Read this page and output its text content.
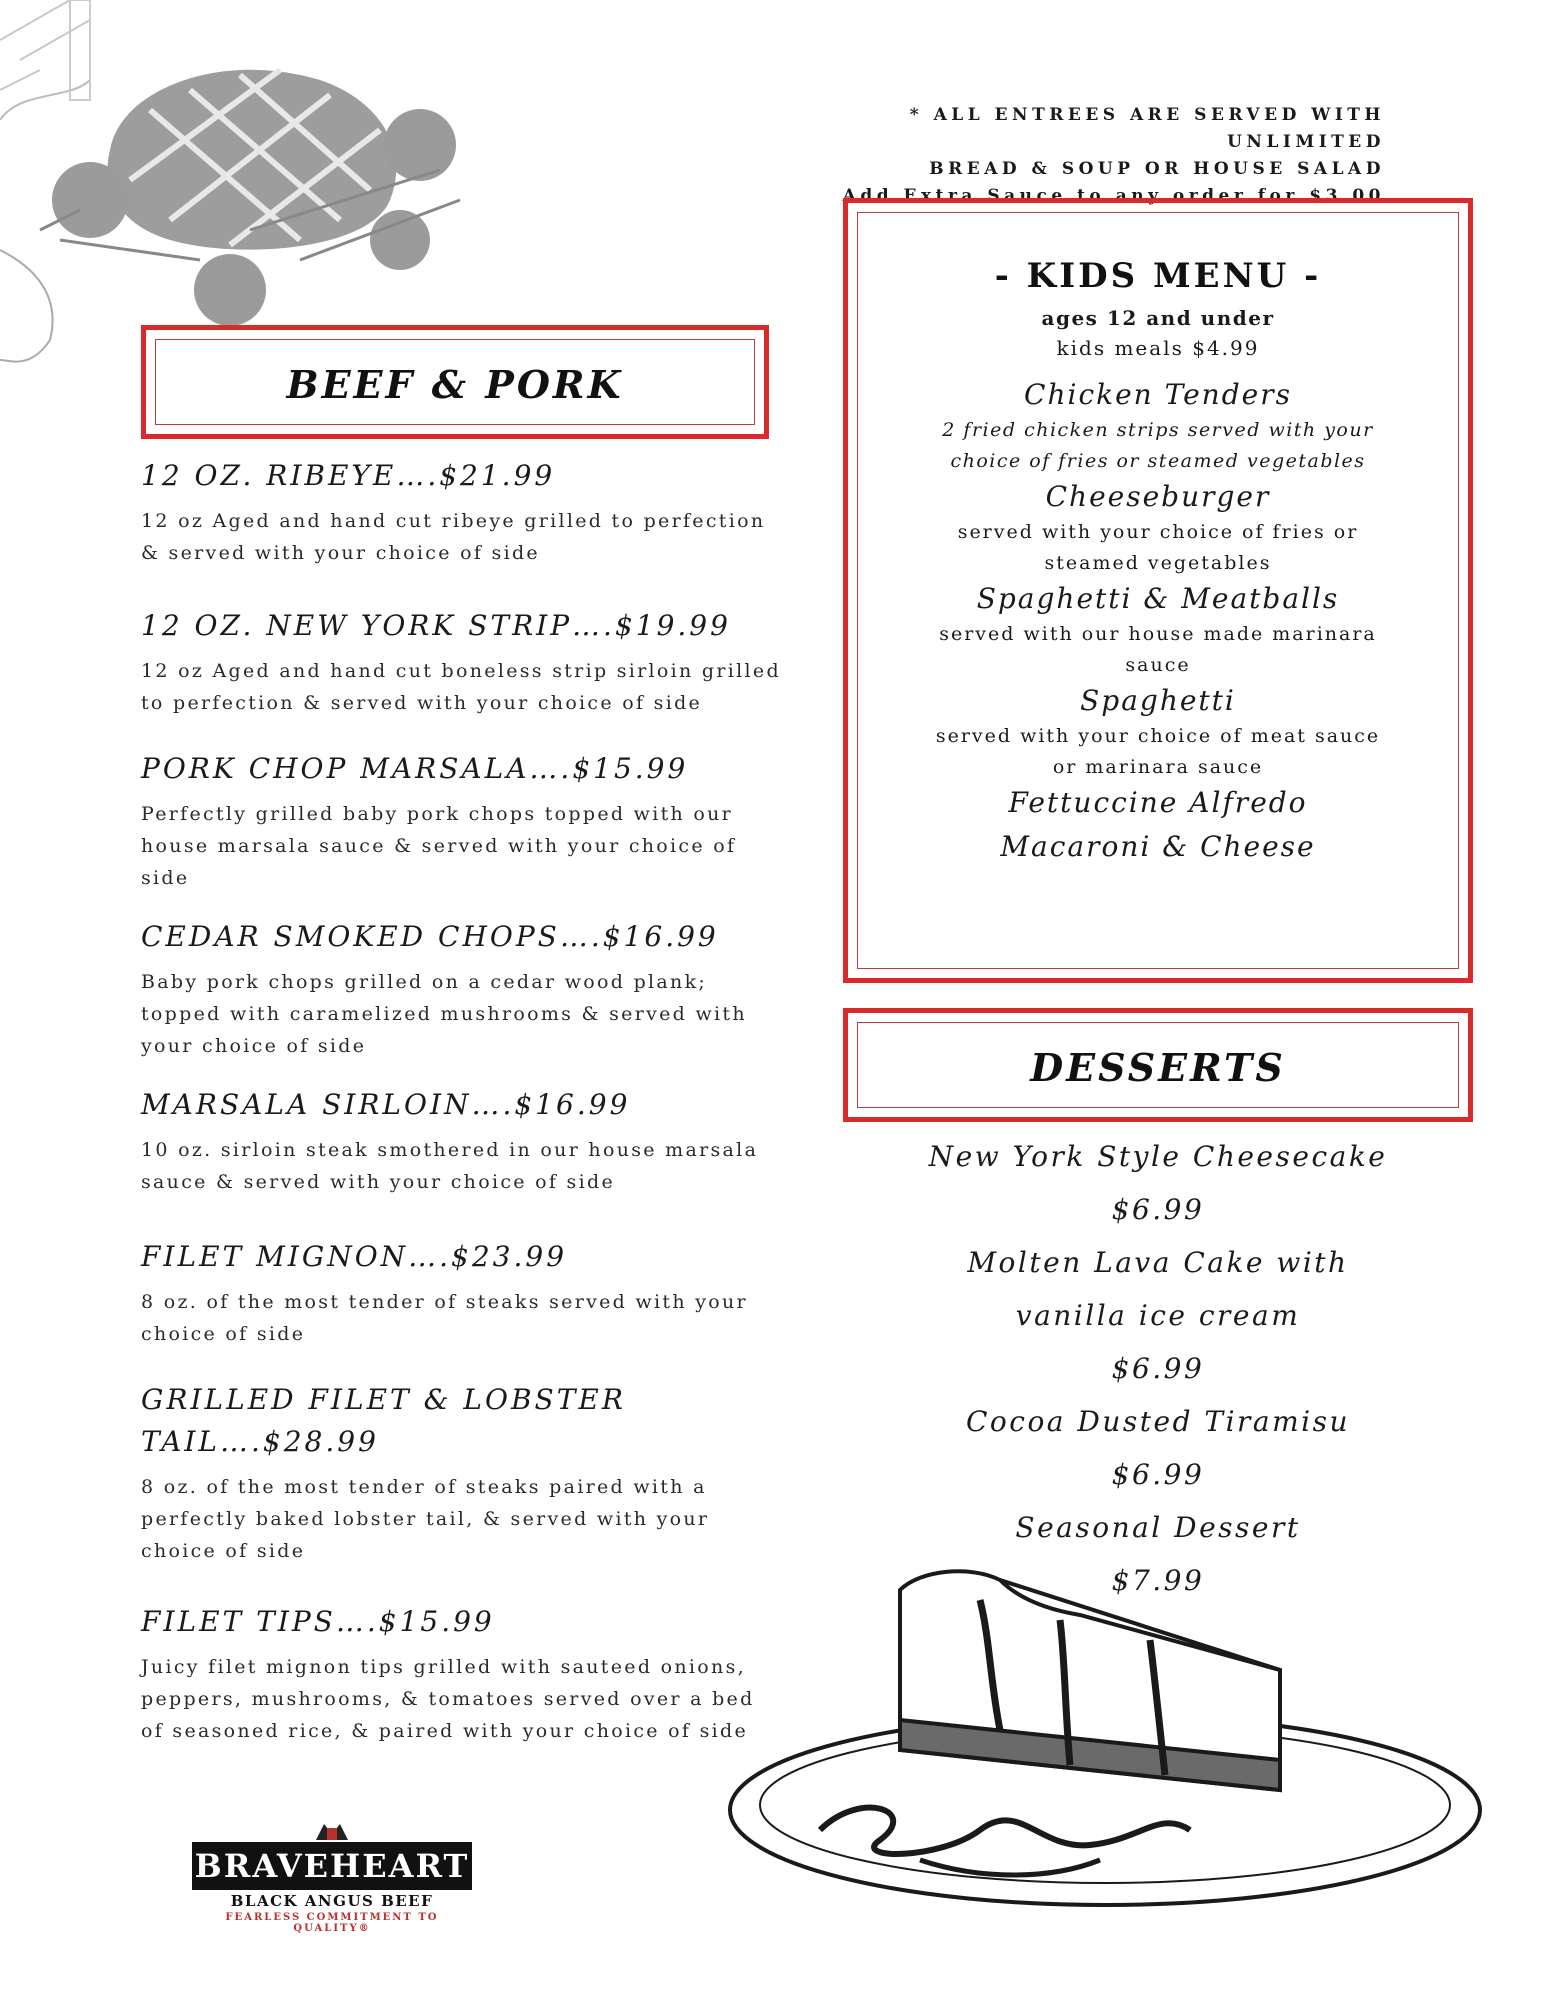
* ALL ENTREES ARE SERVED WITH UNLIMITED
BREAD & SOUP OR HOUSE SALAD
Add Extra Sauce to any order for $3.00
BEEF & PORK
12 OZ. RIBEYE….$21.99
12 oz Aged and hand cut ribeye grilled to perfection & served with your choice of side
12 OZ. NEW YORK STRIP….$19.99
12 oz Aged and hand cut boneless strip sirloin grilled to perfection & served with your choice of side
PORK CHOP MARSALA….$15.99
Perfectly grilled baby pork chops topped with our house marsala sauce & served with your choice of side
CEDAR SMOKED CHOPS….$16.99
Baby pork chops grilled on a cedar wood plank; topped with caramelized mushrooms & served with your choice of side
MARSALA SIRLOIN….$16.99
10 oz. sirloin steak smothered in our house marsala sauce & served with your choice of side
FILET MIGNON….$23.99
8 oz. of the most tender of steaks served with your choice of side
GRILLED FILET & LOBSTER TAIL….$28.99
8 oz. of the most tender of steaks paired with a perfectly baked lobster tail, & served with your choice of side
FILET TIPS….$15.99
Juicy filet mignon tips grilled with sauteed onions, peppers, mushrooms, & tomatoes served over a bed of seasoned rice, & paired with your choice of side
- KIDS MENU -
ages 12 and under
kids meals $4.99
Chicken Tenders
2 fried chicken strips served with your choice of fries or steamed vegetables
Cheeseburger
served with your choice of fries or steamed vegetables
Spaghetti & Meatballs
served with our house made marinara sauce
Spaghetti
served with your choice of meat sauce or marinara sauce
Fettuccine Alfredo
Macaroni & Cheese
DESSERTS
New York Style Cheesecake
$6.99
Molten Lava Cake with
vanilla ice cream
$6.99
Cocoa Dusted Tiramisu
$6.99
Seasonal Dessert
$7.99
BRAVEHEART
BLACK ANGUS BEEF
FEARLESS COMMITMENT TO QUALITY®
